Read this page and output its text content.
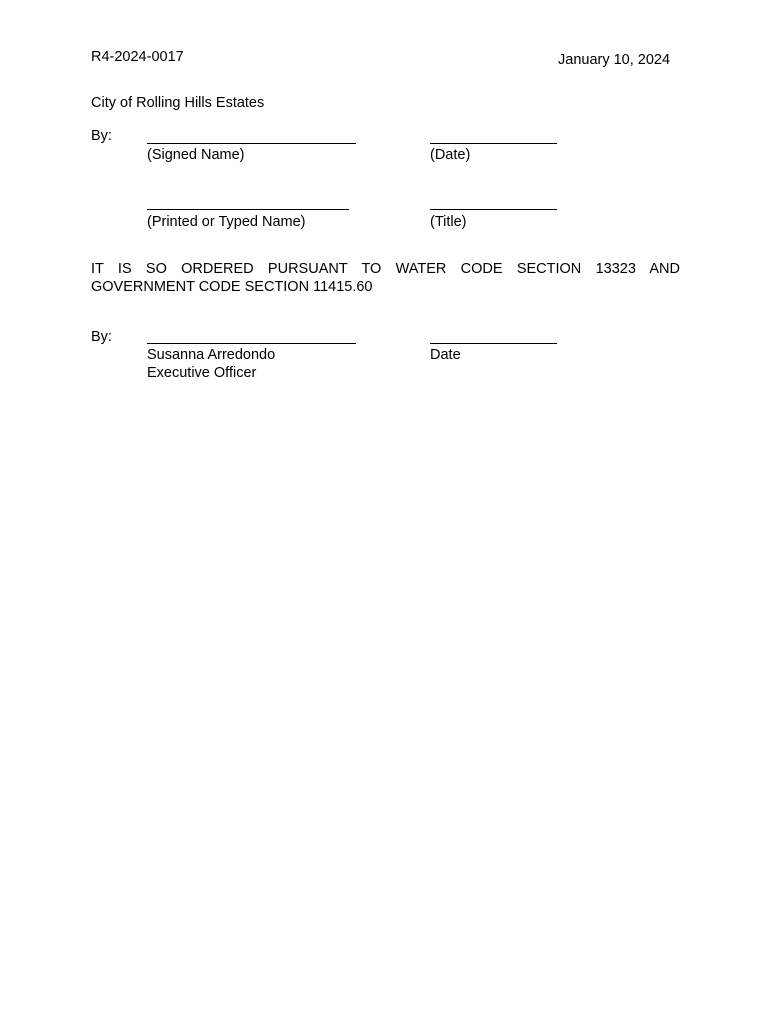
R4-2024-0017	January 10, 2024
City of Rolling Hills Estates
By:
(Signed Name)	(Date)
(Printed or Typed Name)	(Title)
IT IS SO ORDERED PURSUANT TO WATER CODE SECTION 13323 AND
GOVERNMENT CODE SECTION 11415.60
By:
Susanna Arredondo	Date
Executive Officer
